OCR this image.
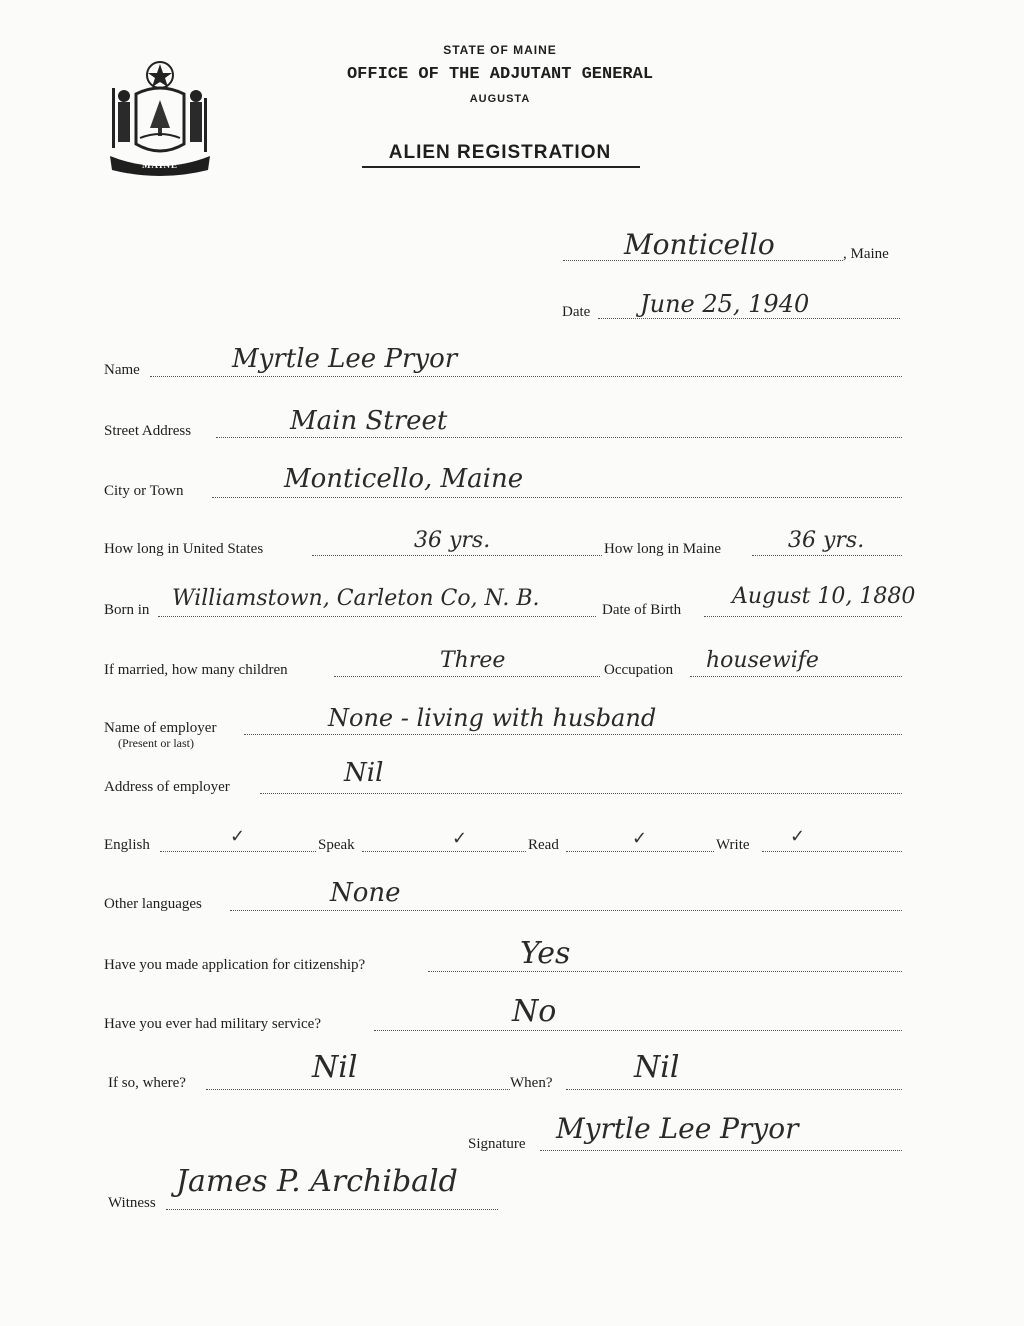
MAINE
STATE OF MAINE
OFFICE OF THE ADJUTANT GENERAL
AUGUSTA
ALIEN REGISTRATION
Monticello	, Maine
Date June 25, 1940
Name	Myrtle Lee Pryor
Street Address	Main Street
City or Town	Monticello, Maine
How long in United States	36 yrs.	How long in Maine	36 yrs.
Born in Williamstown, Carleton Co, N. B.	Date of Birth
August 10, 1880
If married, how many children	Three	Occupation housewife
Name of employer
(Present or last)
None - living with husband
Address of employer	Nil
English	✓	Speak	✓	Read	✓	Write ✓
Other languages	None
Have you made application for citizenship?	Yes
Have you ever had military service?	No
If so, where?	Nil	When?	Nil
Signature Myrtle Lee Pryor
Witness
James P. Archibald
